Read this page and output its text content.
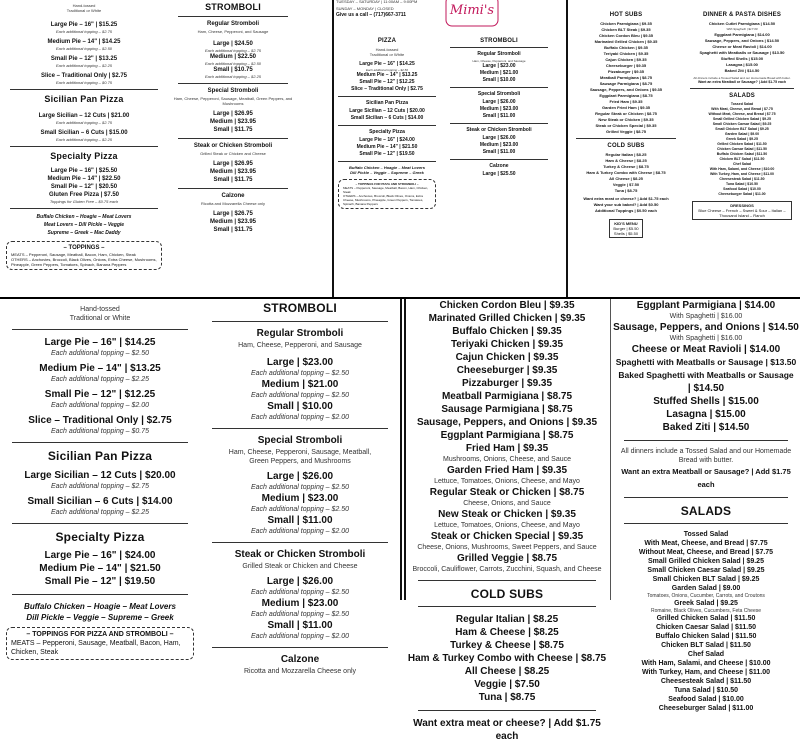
Hand-tossed
Traditional or White
Large Pie – 16" | $15.25
Each additional topping – $2.75
Medium Pie – 14" | $14.25
Each additional topping – $2.50
Small Pie – 12" | $13.25
Each additional topping – $2.25
Slice – Traditional Only | $2.75
Each additional topping – $0.75
Sicilian Pan Pizza
Large Sicilian – 12 Cuts | $21.00
Each additional topping – $2.75
Small Sicilian – 6 Cuts | $15.00
Each additional topping – $2.25
Specialty Pizza
Large Pie – 16" | $25.50
Medium Pie – 14" | $22.50
Small Pie – 12" | $20.50
Gluten Free Pizza | $7.50
Toppings for Gluten Free – $0.75 each
Buffalo Chicken – Hoagie – Meat Lovers
Meat Lovers – Dill Pickle – Veggie
Supreme – Greek – Mac Daddy
– TOPPINGS –
MEATS – Pepperoni, Sausage, Meatball, Bacon, Ham, Chicken, Steak
OTHERS – Anchovies, Broccoli, Black Olives, Onions, Extra Cheese, Mushrooms, Pineapple, Green Peppers, Tomatoes, Spinach, Banana Peppers
STROMBOLI
Regular Stromboli
Ham, Cheese, Pepperoni, and Sausage
Large | $24.50
Each additional topping – $2.75
Medium | $22.50
Each additional topping – $2.50
Small | $10.75
Each additional topping – $2.25
Special Stromboli
Ham, Cheese, Pepperoni, Sausage, Meatball, Green Peppers, and Mushrooms
Large | $26.95
Medium | $23.95
Small | $11.75
Steak or Chicken Stromboli
Grilled Steak or Chicken and Cheese
Large | $26.95
Medium | $23.95
Small | $11.75
Calzone
Ricotta and Mozzarella Cheese only
Large | $26.75
Medium | $23.95
Small | $11.75
TUESDAY – SATURDAY | 11:00AM – 9:00PM
SUNDAY – MONDAY | CLOSED
Give us a call – (717)667-3711	Mimi's
PIZZA
Hand-tossed
Traditional or White
Large Pie – 16" | $14.25
Each additional topping – $2.50
Medium Pie – 14" | $13.25
Small Pie – 12" | $12.25
Slice – Traditional Only | $2.75
Sicilian Pan Pizza
Large Sicilian – 12 Cuts | $20.00
Small Sicilian – 6 Cuts | $14.00
Specialty Pizza
Large Pie – 16" | $24.00
Medium Pie – 14" | $21.50
Small Pie – 12" | $19.50
Buffalo Chicken – Hoagie – Meat Lovers
Dill Pickle – Veggie – Supreme – Greek
– TOPPINGS FOR PIZZA AND STROMBOLI –
MEATS – Pepperoni, Sausage, Meatball, Bacon, Ham, Chicken, Steak
OTHERS – Anchovies, Broccoli, Black Olives, Onions, Extra Cheese, Mushrooms, Pineapple, Green Peppers, Tomatoes, Spinach, Banana Peppers
STROMBOLI
Regular Stromboli
Ham, Cheese, Pepperoni, and Sausage
Large | $23.00
Medium | $21.00
Small | $10.00
Special Stromboli
Large | $26.00
Medium | $23.00
Small | $11.00
Steak or Chicken Stromboli
Large | $26.00
Medium | $23.00
Small | $11.00
Calzone
Large | $25.50
HOT SUBS
Chicken Parmigiana | $9.35
Chicken BLT Steak | $9.35
Chicken Cordon Bleu | $9.35
Marinated Grilled Chicken | $9.35
Buffalo Chicken | $9.35
Teriyaki Chicken | $9.35
Cajun Chicken | $9.35
Cheeseburger | $9.35
Pizzaburger | $9.35
Meatball Parmigiana | $8.75
Sausage Parmigiana | $8.75
Sausage, Peppers, and Onions | $9.35
Eggplant Parmigiana | $8.75
Fried Ham | $9.35
Garden Fried Ham | $9.35
Regular Steak or Chicken | $8.75
New Steak or Chicken | $9.35
Steak or Chicken Special | $9.35
Grilled Veggie | $8.75
COLD SUBS
Regular Italian | $8.25
Ham & Cheese | $8.25
Turkey & Cheese | $8.75
Ham & Turkey Combo with Cheese | $8.75
All Cheese | $8.25
Veggie | $7.50
Tuna | $8.75
Want extra meat or cheese? | Add $1.75 each
Want your sub baked? | Add $0.50
Additional Toppings | $0.50 each
KID'S MENU
Burger | $5.50
Shells | $5.50
DINNER & PASTA DISHES
Chicken Cutlet Parmigiana | $14.50
With Spaghetti | $17.00
Eggplant Parmigiana | $14.00
Sausage, Peppers, and Onions | $14.50
Cheese or Meat Ravioli | $14.00
Spaghetti with Meatballs or Sausage | $13.50
Stuffed Shells | $15.00
Lasagna | $15.00
Baked Ziti | $14.50
All dinners include a Tossed Salad and our Homemade Bread with butter.
Want an extra Meatball or Sausage? | Add $1.75 each
SALADS
Tossed Salad
With Meat, Cheese, and Bread | $7.75
Without Meat, Cheese, and Bread | $7.75
Small Grilled Chicken Salad | $9.25
Small Chicken Caesar Salad | $9.25
Small Chicken BLT Salad | $9.25
Garden Salad | $9.00
Greek Salad | $9.25
Grilled Chicken Salad | $11.50
Chicken Caesar Salad | $11.50
Buffalo Chicken Salad | $11.50
Chicken BLT Salad | $11.50
Chef Salad
With Ham, Salami, and Cheese | $10.00
With Turkey, Ham, and Cheese | $11.00
Cheesesteak Salad | $11.50
Tuna Salad | $10.50
Seafood Salad | $10.00
Cheeseburger Salad | $11.00
DRESSINGS
Blue Cheese – French – Sweet & Sour – Italian – Thousand Island – Ranch
Hand-tossed
Traditional or White
Large Pie – 16" | $14.25
Each additional topping – $2.50
Medium Pie – 14" | $13.25
Each additional topping – $2.25
Small Pie – 12" | $12.25
Each additional topping – $2.00
Slice – Traditional Only | $2.75
Each additional topping – $0.75
Sicilian Pan Pizza
Large Sicilian – 12 Cuts | $20.00
Each additional topping – $2.75
Small Sicilian – 6 Cuts | $14.00
Each additional topping – $2.25
Specialty Pizza
Large Pie – 16" | $24.00
Medium Pie – 14" | $21.50
Small Pie – 12" | $19.50
Buffalo Chicken – Hoagie – Meat Lovers
Dill Pickle – Veggie – Supreme – Greek
– TOPPINGS FOR PIZZA AND STROMBOLI –
MEATS – Pepperoni, Sausage, Meatball, Bacon, Ham, Chicken, Steak
STROMBOLI
Regular Stromboli
Ham, Cheese, Pepperoni, and Sausage
Large | $23.00
Each additional topping – $2.50
Medium | $21.00
Each additional topping – $2.50
Small | $10.00
Each additional topping – $2.00
Special Stromboli
Ham, Cheese, Pepperoni, Sausage, Meatball, Green Peppers, and Mushrooms
Large | $26.00
Each additional topping – $2.50
Medium | $23.00
Each additional topping – $2.50
Small | $11.00
Each additional topping – $2.00
Steak or Chicken Stromboli
Grilled Steak or Chicken and Cheese
Large | $26.00
Each additional topping – $2.50
Medium | $23.00
Each additional topping – $2.50
Small | $11.00
Each additional topping – $2.00
Calzone
Ricotta and Mozzarella Cheese only
Chicken Cordon Bleu | $9.35
Marinated Grilled Chicken | $9.35
Buffalo Chicken | $9.35
Teriyaki Chicken | $9.35
Cajun Chicken | $9.35
Cheeseburger | $9.35
Pizzaburger | $9.35
Meatball Parmigiana | $8.75
Sausage Parmigiana | $8.75
Sausage, Peppers, and Onions | $9.35
Eggplant Parmigiana | $8.75
Fried Ham | $9.35
Mushrooms, Onions, Cheese, and Sauce
Garden Fried Ham | $9.35
Lettuce, Tomatoes, Onions, Cheese, and Mayo
Regular Steak or Chicken | $8.75
Cheese, Onions, and Sauce
New Steak or Chicken | $9.35
Lettuce, Tomatoes, Onions, Cheese, and Mayo
Steak or Chicken Special | $9.35
Cheese, Onions, Mushrooms, Sweet Peppers, and Sauce
Grilled Veggie | $8.75
Broccoli, Cauliflower, Carrots, Zucchini, Squash, and Cheese
COLD SUBS
Regular Italian | $8.25
Ham & Cheese | $8.25
Turkey & Cheese | $8.75
Ham & Turkey Combo with Cheese | $8.75
All Cheese | $8.25
Veggie | $7.50
Tuna | $8.75
Want extra meat or cheese? | Add $1.75 each
Eggplant Parmigiana | $14.00
With Spaghetti | $16.00
Sausage, Peppers, and Onions | $14.50
With Spaghetti | $16.00
Cheese or Meat Ravioli | $14.00
Spaghetti with Meatballs or Sausage | $13.50
Baked Spaghetti with Meatballs or Sausage
| $14.50
Stuffed Shells | $15.00
Lasagna | $15.00
Baked Ziti | $14.50
All dinners include a Tossed Salad and our Homemade Bread with butter.
Want an extra Meatball or Sausage? | Add $1.75 each
SALADS
Tossed Salad
With Meat, Cheese, and Bread | $7.75
Without Meat, Cheese, and Bread | $7.75
Small Grilled Chicken Salad | $9.25
Small Chicken Caesar Salad | $9.25
Small Chicken BLT Salad | $9.25
Garden Salad | $9.00
Tomatoes, Onions, Cucumber, Carrots, and Croutons
Greek Salad | $9.25
Romaine, Black Olives, Cucumbers, Feta Cheese
Grilled Chicken Salad | $11.50
Chicken Caesar Salad | $11.50
Buffalo Chicken Salad | $11.50
Chicken BLT Salad | $11.50
Chef Salad
With Ham, Salami, and Cheese | $10.00
With Turkey, Ham, and Cheese | $11.00
Cheesesteak Salad | $11.50
Tuna Salad | $10.50
Seafood Salad | $10.00
Cheeseburger Salad | $11.00
